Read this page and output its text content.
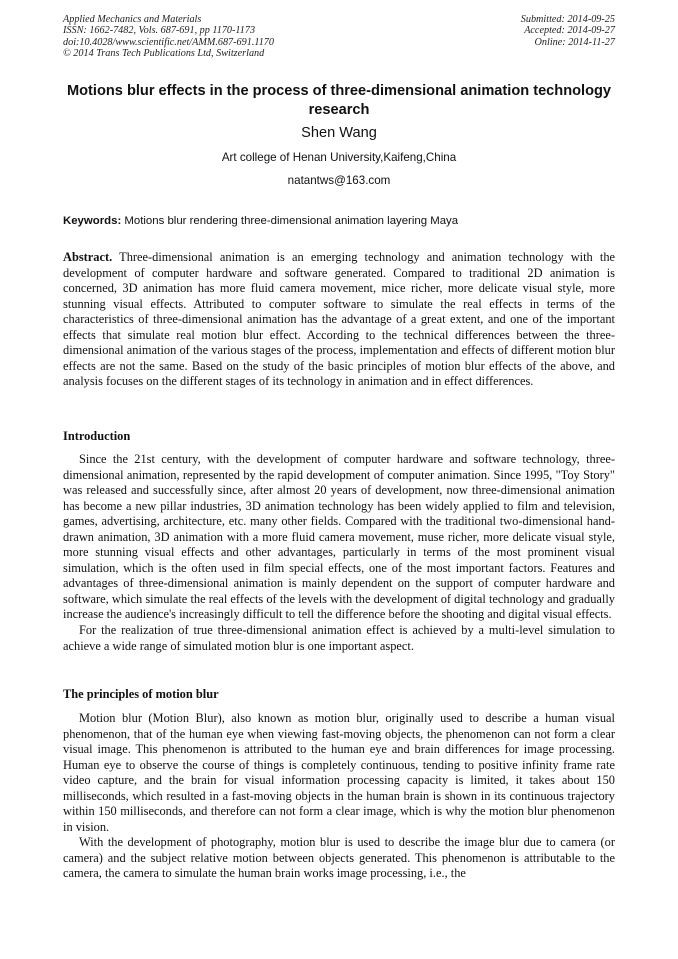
Applied Mechanics and Materials
ISSN: 1662-7482, Vols. 687-691, pp 1170-1173
doi:10.4028/www.scientific.net/AMM.687-691.1170
© 2014 Trans Tech Publications Ltd, Switzerland
Submitted: 2014-09-25
Accepted: 2014-09-27
Online: 2014-11-27
Motions blur effects in the process of three-dimensional animation technology research
Shen Wang
Art college of Henan University,Kaifeng,China
natantws@163.com
Keywords: Motions blur rendering three-dimensional animation layering Maya

Abstract. Three-dimensional animation is an emerging technology and animation technology with the development of computer hardware and software generated. Compared to traditional 2D animation is concerned, 3D animation has more fluid camera movement, mice richer, more delicate visual style, more stunning visual effects. Attributed to computer software to simulate the real effects in terms of the characteristics of three-dimensional animation has the advantage of a great extent, and one of the important effects that simulate real motion blur effect. According to the technical differences between the three-dimensional animation of the various stages of the process, implementation and effects of different motion blur effects are not the same. Based on the study of the basic principles of motion blur effects of the above, and analysis focuses on the different stages of its technology in animation and in effect differences.

Introduction

Since the 21st century, with the development of computer hardware and software technology, three-dimensional animation, represented by the rapid development of computer animation. Since 1995, "Toy Story" was released and successfully since, after almost 20 years of development, now three-dimensional animation has become a new pillar industries, 3D animation technology has been widely applied to film and television, games, advertising, architecture, etc. many other fields. Compared with the traditional two-dimensional hand-drawn animation, 3D animation with a more fluid camera movement, muse richer, more delicate visual style, more stunning visual effects and other advantages, particularly in terms of the most prominent visual simulation, which is the often used in film special effects, one of the most important factors. Features and advantages of three-dimensional animation is mainly dependent on the support of computer hardware and software, which simulate the real effects of the levels with the development of digital technology and gradually increase the audience's increasingly difficult to tell the difference before the shooting and digital visual effects.

For the realization of true three-dimensional animation effect is achieved by a multi-level simulation to achieve a wide range of simulated motion blur is one important aspect.

The principles of motion blur

Motion blur (Motion Blur), also known as motion blur, originally used to describe a human visual phenomenon, that of the human eye when viewing fast-moving objects, the phenomenon can not form a clear visual image. This phenomenon is attributed to the human eye and brain differences for image processing. Human eye to observe the course of things is completely continuous, tending to positive infinity frame rate video capture, and the brain for visual information processing capacity is limited, it takes about 150 milliseconds, which resulted in a fast-moving objects in the human brain is shown in its continuous trajectory within 150 milliseconds, and therefore can not form a clear image, which is why the motion blur phenomenon in vision.

With the development of photography, motion blur is used to describe the image blur due to camera (or camera) and the subject relative motion between objects generated. This phenomenon is attributable to the camera, the camera to simulate the human brain works image processing, i.e., the
